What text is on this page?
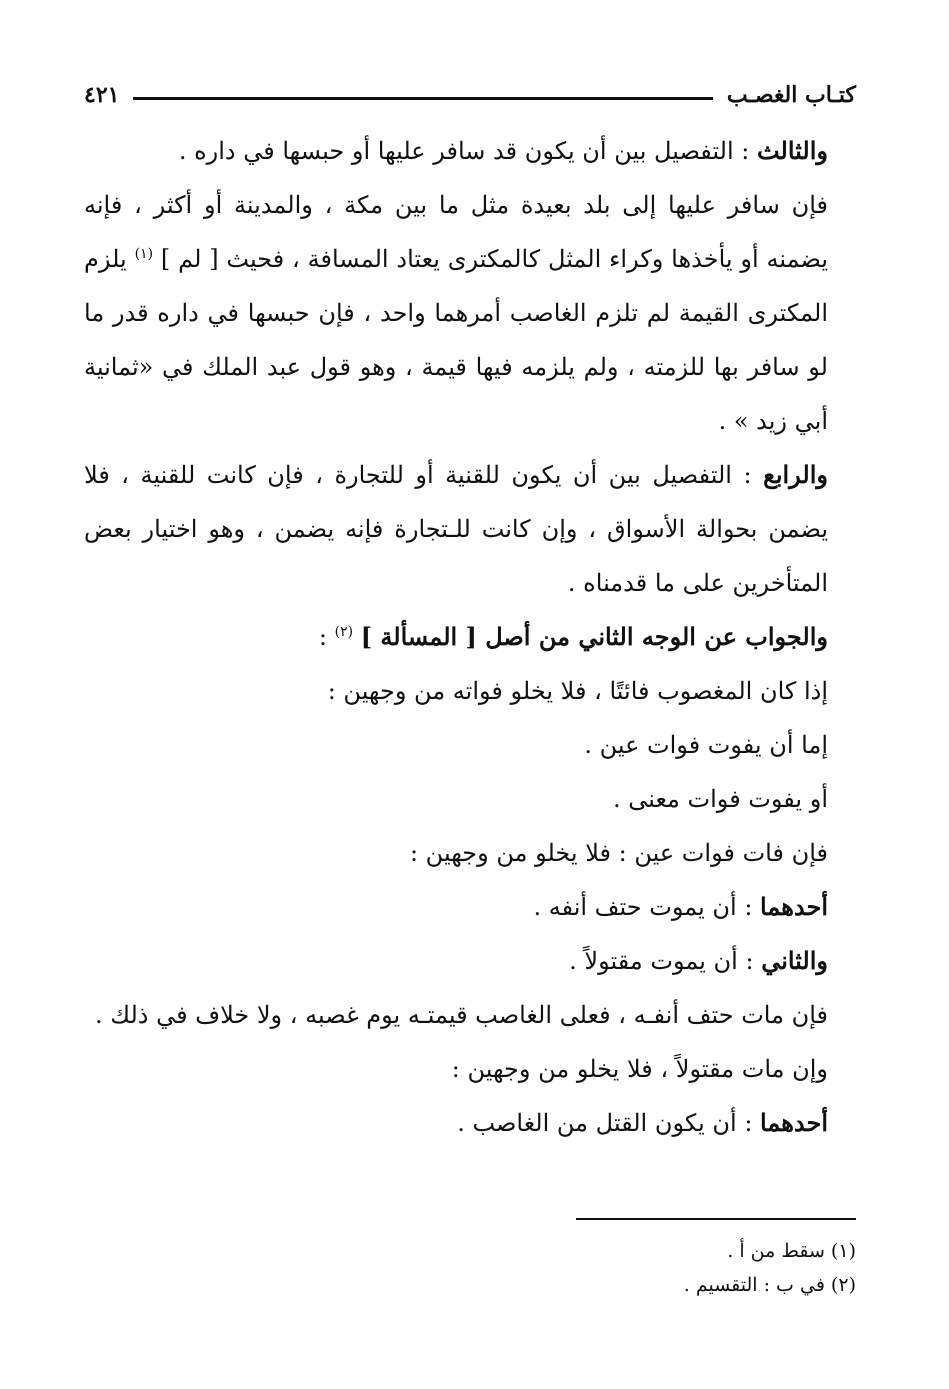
كتـاب الغصـب
٤٢١

والثالث : التفصيل بين أن يكون قد سافر عليها أو حبسها في داره .

فإن سافر عليها إلى بلد بعيدة مثل ما بين مكة ، والمدينة أو أكثر ، فإنه يضمنه أو يأخذها وكراء المثل كالمكترى يعتاد المسافة ، فحيث [ لم ] $^{(١)}$ يلزم المكترى القيمة لم تلزم الغاصب أمرهما واحد ، فإن حبسها في داره قدر ما لو سافر بها للزمته ، ولم يلزمه فيها قيمة ، وهو قول عبد الملك في «ثمانية أبي زيد » .

والرابع : التفصيل بين أن يكون للقنية أو للتجارة ، فإن كانت للقنية ، فلا يضمن بحوالة الأسواق ، وإن كانت للـتجارة فإنه يضمن ، وهو اختيار بعض المتأخرين على ما قدمناه .

والجواب عن الوجه الثاني من أصل [ المسألة ] $^{(٢)}$ :

إذا كان المغصوب فائتًا ، فلا يخلو فواته من وجهين :

إما أن يفوت فوات عين .

أو يفوت فوات معنى .

فإن فات فوات عين : فلا يخلو من وجهين :

أحدهما : أن يموت حتف أنفه .

والثاني : أن يموت مقتولاً .

فإن مات حتف أنفـه ، فعلى الغاصب قيمتـه يوم غصبه ، ولا خلاف في ذلك .

وإن مات مقتولاً ، فلا يخلو من وجهين :

أحدهما : أن يكون القتل من الغاصب .

(١) سقط من أ .

(٢) في ب : التقسيم .
